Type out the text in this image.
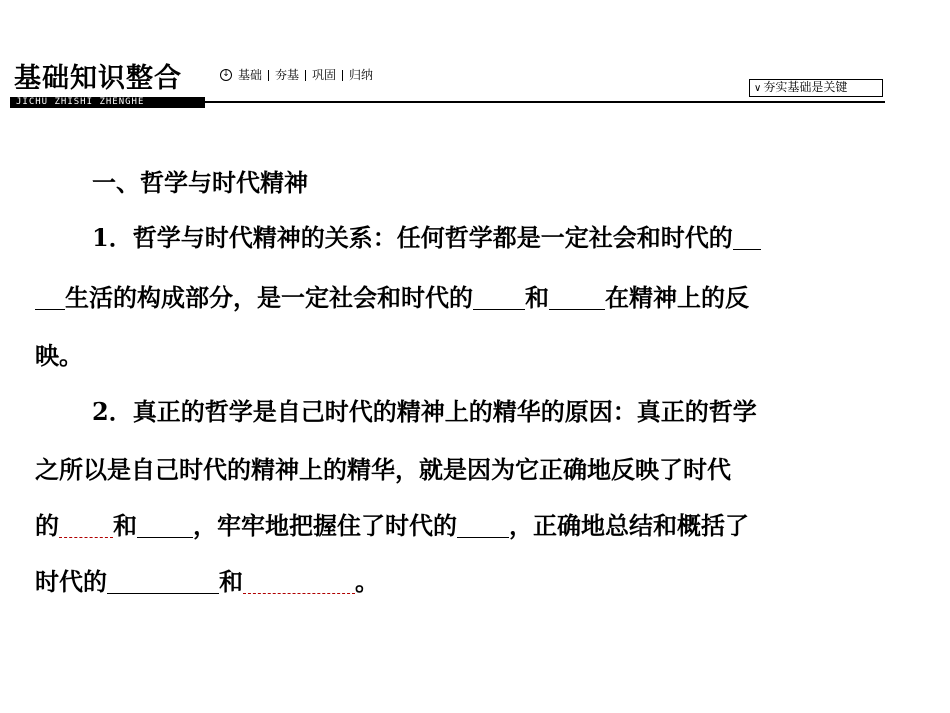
基础知识整合
JICHU ZHISHI ZHENGHE
↓ 基础 夯基 巩固 归纳
∨ 夯实基础是关键
一、哲学与时代精神
1．哲学与时代精神的关系：任何哲学都是一定社会和时代的
生活的构成部分，是一定社会和时代的 和 在精神上的反
映。
2．真正的哲学是自己时代的精神上的精华的原因：真正的哲学
之所以是自己时代的精神上的精华，就是因为它正确地反映了时代
的 和 ，牢牢地把握住了时代的 ，正确地总结和概括了
时代的	和	。
